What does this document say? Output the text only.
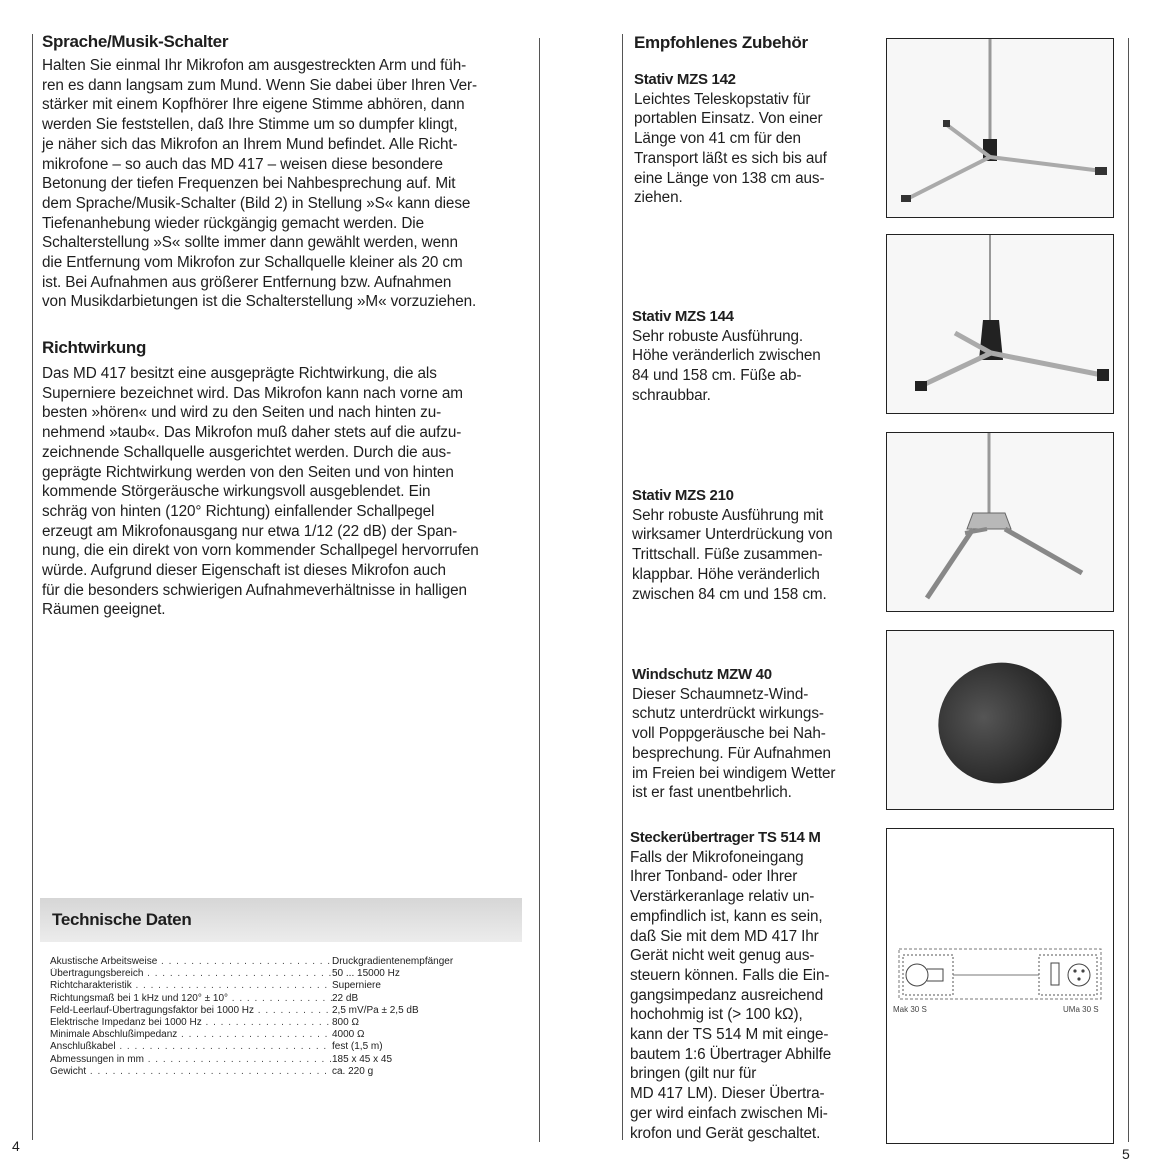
Sprache/Musik-Schalter

Halten Sie einmal Ihr Mikrofon am ausgestreckten Arm und füh-

ren es dann langsam zum Mund. Wenn Sie dabei über Ihren Ver-

stärker mit einem Kopfhörer Ihre eigene Stimme abhören, dann

werden Sie feststellen, daß Ihre Stimme um so dumpfer klingt,

je näher sich das Mikrofon an Ihrem Mund befindet. Alle Richt-

mikrofone – so auch das MD 417 – weisen diese besondere

Betonung der tiefen Frequenzen bei Nahbesprechung auf. Mit

dem Sprache/Musik-Schalter (Bild 2) in Stellung »S« kann diese

Tiefenanhebung wieder rückgängig gemacht werden. Die

Schalterstellung »S« sollte immer dann gewählt werden, wenn

die Entfernung vom Mikrofon zur Schallquelle kleiner als 20 cm

ist. Bei Aufnahmen aus größerer Entfernung bzw. Aufnahmen

von Musikdarbietungen ist die Schalterstellung »M« vorzuziehen.

Richtwirkung

Das MD 417 besitzt eine ausgeprägte Richtwirkung, die als

Superniere bezeichnet wird. Das Mikrofon kann nach vorne am

besten »hören« und wird zu den Seiten und nach hinten zu-

nehmend »taub«. Das Mikrofon muß daher stets auf die aufzu-

zeichnende Schallquelle ausgerichtet werden. Durch die aus-

geprägte Richtwirkung werden von den Seiten und von hinten

kommende Störgeräusche wirkungsvoll ausgeblendet. Ein

schräg von hinten (120° Richtung) einfallender Schallpegel

erzeugt am Mikrofonausgang nur etwa 1/12 (22 dB) der Span-

nung, die ein direkt von vorn kommender Schallpegel hervorrufen

würde. Aufgrund dieser Eigenschaft ist dieses Mikrofon auch

für die besonders schwierigen Aufnahmeverhältnisse in halligen

Räumen geeignet.

Technische Daten
Akustische Arbeitsweise . . .	Druckgradientenempfänger
Übertragungsbereich . . .	50 ... 15000 Hz
Richtcharakteristik . . .	Superniere
Richtungsmaß bei 1 kHz und 120° ± 10° . . .	22 dB
Feld-Leerlauf-Übertragungsfaktor bei 1000 Hz . . .	2,5 mV/Pa ± 2,5 dB
Elektrische Impedanz bei 1000 Hz . . .	800 Ω
Minimale Abschlußimpedanz . . .	4000 Ω
Anschlußkabel . . .	fest (1,5 m)
Abmessungen in mm . . .	185 x 45 x 45
Gewicht . . .	ca. 220 g
4
Empfohlenes Zubehör
Stativ MZS 142

Leichtes Teleskopstativ für

portablen Einsatz. Von einer

Länge von 41 cm für den

Transport läßt es sich bis auf

eine Länge von 138 cm aus-

ziehen.

Stativ MZS 144

Sehr robuste Ausführung.

Höhe veränderlich zwischen

84 und 158 cm. Füße ab-

schraubbar.

Stativ MZS 210

Sehr robuste Ausführung mit

wirksamer Unterdrückung von

Trittschall. Füße zusammen-

klappbar. Höhe veränderlich

zwischen 84 cm und 158 cm.

Windschutz MZW 40

Dieser Schaumnetz-Wind-

schutz unterdrückt wirkungs-

voll Poppgeräusche bei Nah-

besprechung. Für Aufnahmen

im Freien bei windigem Wetter

ist er fast unentbehrlich.

Steckerübertrager TS 514 M

Falls der Mikrofoneingang

Ihrer Tonband- oder Ihrer

Verstärkeranlage relativ un-

empfindlich ist, kann es sein,

daß Sie mit dem MD 417 Ihr

Gerät nicht weit genug aus-

steuern können. Falls die Ein-

gangsimpedanz ausreichend

hochohmig ist (> 100 kΩ),

kann der TS 514 M mit einge-

bautem 1:6 Übertrager Abhilfe

bringen (gilt nur für

MD 417 LM). Dieser Übertra-

ger wird einfach zwischen Mi-

krofon und Gerät geschaltet.

Mak 30 S	UMa 30 S
5
